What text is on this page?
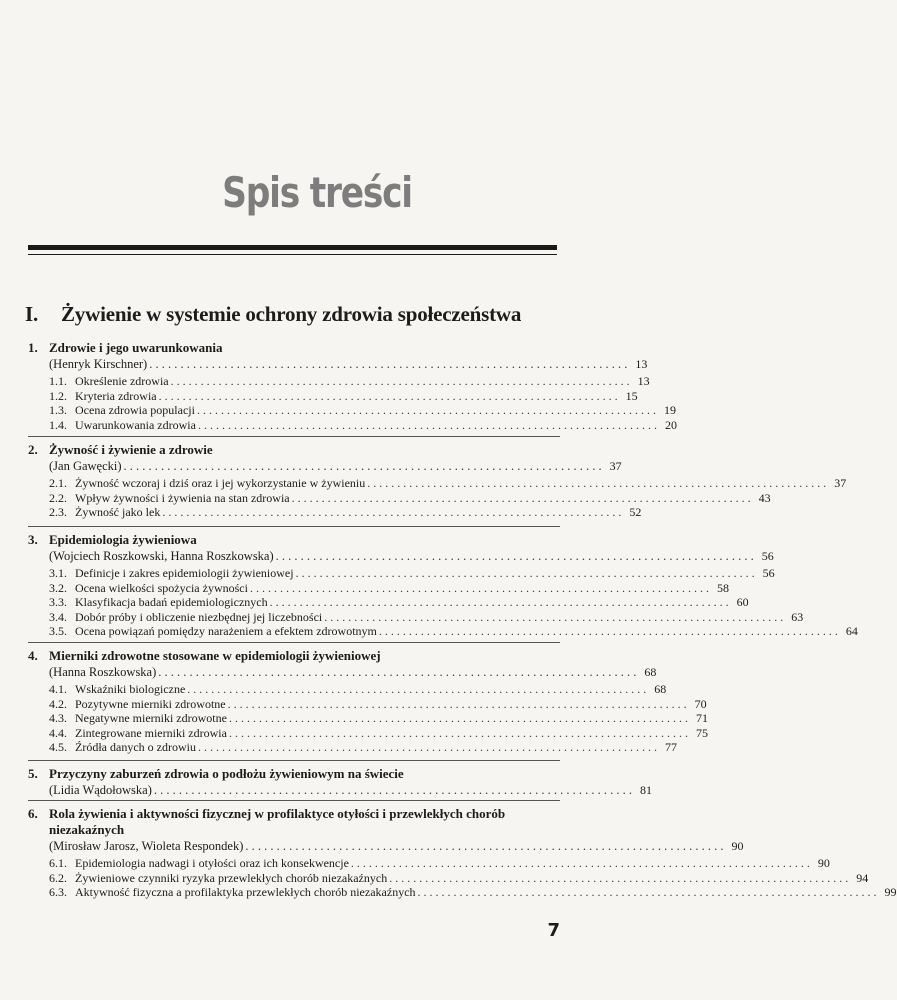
Spis treści
I. Żywienie w systemie ochrony zdrowia społeczeństwa
1. Zdrowie i jego uwarunkowania
(Henryk Kirschner) . . .	13
1.1. Określenie zdrowia . . .	13
1.2. Kryteria zdrowia . . .	15
1.3. Ocena zdrowia populacji . . .	19
1.4. Uwarunkowania zdrowia . . .	20
2. Żywność i żywienie a zdrowie
(Jan Gawęcki) . . .	37
2.1. Żywność wczoraj i dziś oraz i jej wykorzystanie w żywieniu . . .	37
2.2. Wpływ żywności i żywienia na stan zdrowia . . .	43
2.3. Żywność jako lek . . .	52
3. Epidemiologia żywieniowa
(Wojciech Roszkowski, Hanna Roszkowska) . . .	56
3.1. Definicje i zakres epidemiologii żywieniowej . . .	56
3.2. Ocena wielkości spożycia żywności . . .	58
3.3. Klasyfikacja badań epidemiologicznych . . .	60
3.4. Dobór próby i obliczenie niezbędnej jej liczebności . . .	63
3.5. Ocena powiązań pomiędzy narażeniem a efektem zdrowotnym . . .	64
4. Mierniki zdrowotne stosowane w epidemiologii żywieniowej
(Hanna Roszkowska) . . .	68
4.1. Wskaźniki biologiczne . . .	68
4.2. Pozytywne mierniki zdrowotne . . .	70
4.3. Negatywne mierniki zdrowotne . . .	71
4.4. Zintegrowane mierniki zdrowia . . .	75
4.5. Źródła danych o zdrowiu . . .	77
5. Przyczyny zaburzeń zdrowia o podłożu żywieniowym na świecie
(Lidia Wądołowska) . . .	81
6. Rola żywienia i aktywności fizycznej w profilaktyce otyłości i przewlekłych chorób niezakaźnych
(Mirosław Jarosz, Wioleta Respondek) . . .	90
6.1. Epidemiologia nadwagi i otyłości oraz ich konsekwencje . . .	90
6.2. Żywieniowe czynniki ryzyka przewlekłych chorób niezakaźnych . . .	94
6.3. Aktywność fizyczna a profilaktyka przewlekłych chorób niezakaźnych . . .	99
7
